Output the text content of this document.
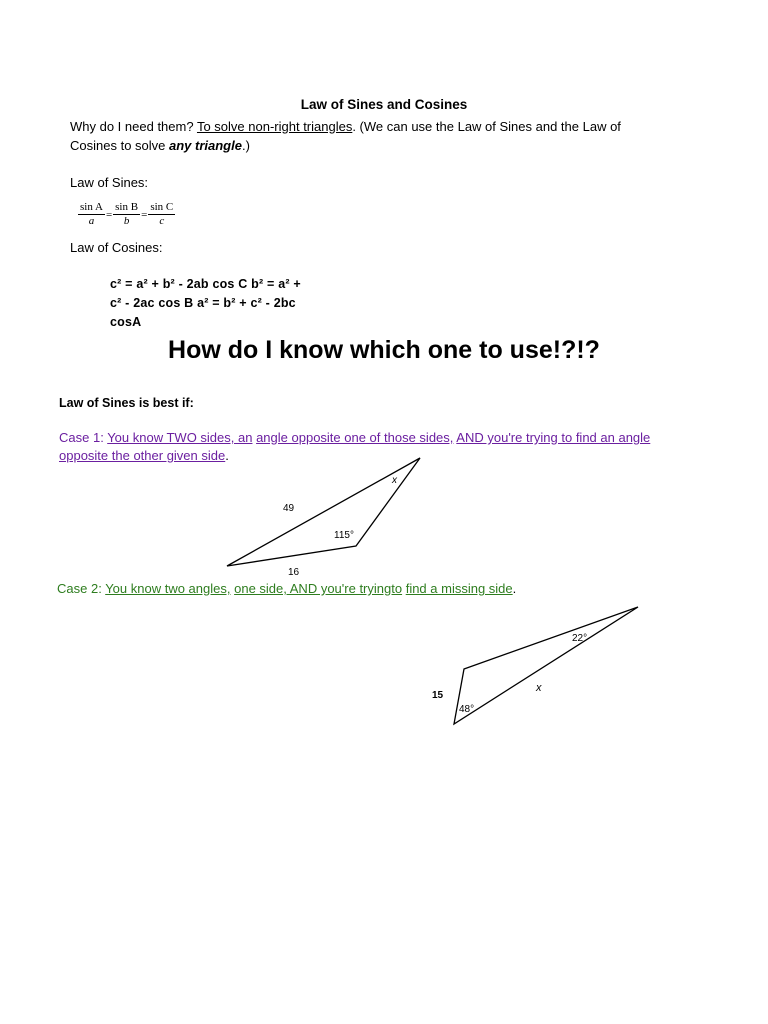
Law of Sines and Cosines
Why do I need them? To solve non-right triangles. (We can use the Law of Sines and the Law of
Cosines to solve any triangle.)
Law of Sines:
$\frac{\text{sin A}}{a} = \frac{\text{sin B}}{b} = \frac{\text{sin C}}{c}$
Law of Cosines:
c² = a² + b² - 2ab cos C b² = a² +
c² - 2ac cos B a² = b² + c² - 2bc
cosA
How do I know which one to use!?!?
Law of Sines is best if:
Case 1: You know TWO sides, an angle opposite one of those sides, AND you're trying to find an angle
opposite the other given side.
49
115°
16
x
15
48°
22°
x
Case 2: You know two angles, one side, AND you're tryingto find a missing side.
